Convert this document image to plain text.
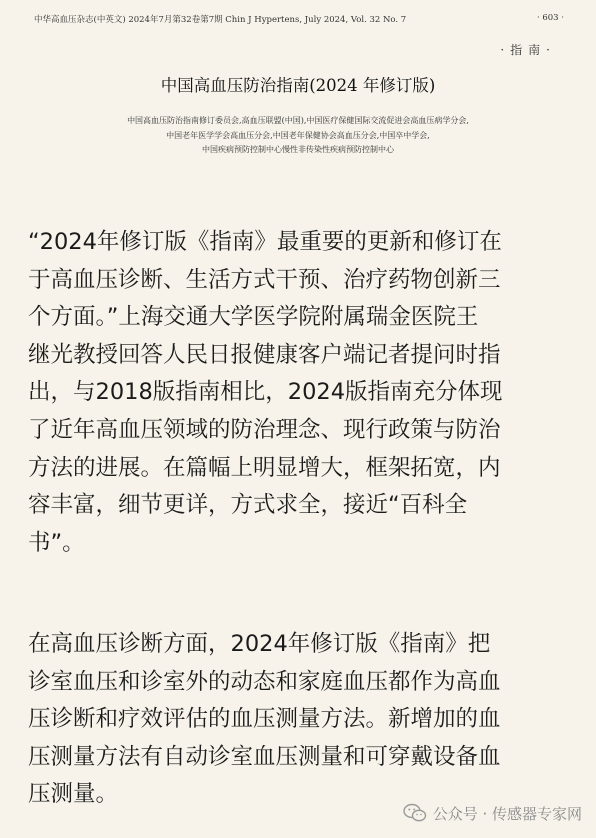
中华高血压杂志(中英文) 2024年7月第32卷第7期 Chin J Hypertens, July 2024, Vol. 32 No. 7	· 603 ·
·指南·
中国高血压防治指南(2024 年修订版)
中国高血压防治指南修订委员会,高血压联盟(中国),中国医疗保健国际交流促进会高血压病学分会,
中国老年医学学会高血压分会,中国老年保健协会高血压分会,中国卒中学会,
中国疾病预防控制中心慢性非传染性疾病预防控制中心
“2024年修订版《指南》最重要的更新和修订在
于高血压诊断、生活方式干预、治疗药物创新三
个方面。”上海交通大学医学院附属瑞金医院王
继光教授回答人民日报健康客户端记者提问时指
出，与2018版指南相比，2024版指南充分体现
了近年高血压领域的防治理念、现行政策与防治
方法的进展。在篇幅上明显增大，框架拓宽，内
容丰富，细节更详，方式求全，接近“百科全
书”。
在高血压诊断方面，2024年修订版《指南》把
诊室血压和诊室外的动态和家庭血压都作为高血
压诊断和疗效评估的血压测量方法。新增加的血
压测量方法有自动诊室血压测量和可穿戴设备血
压测量。
公众号 · 传感器专家网
